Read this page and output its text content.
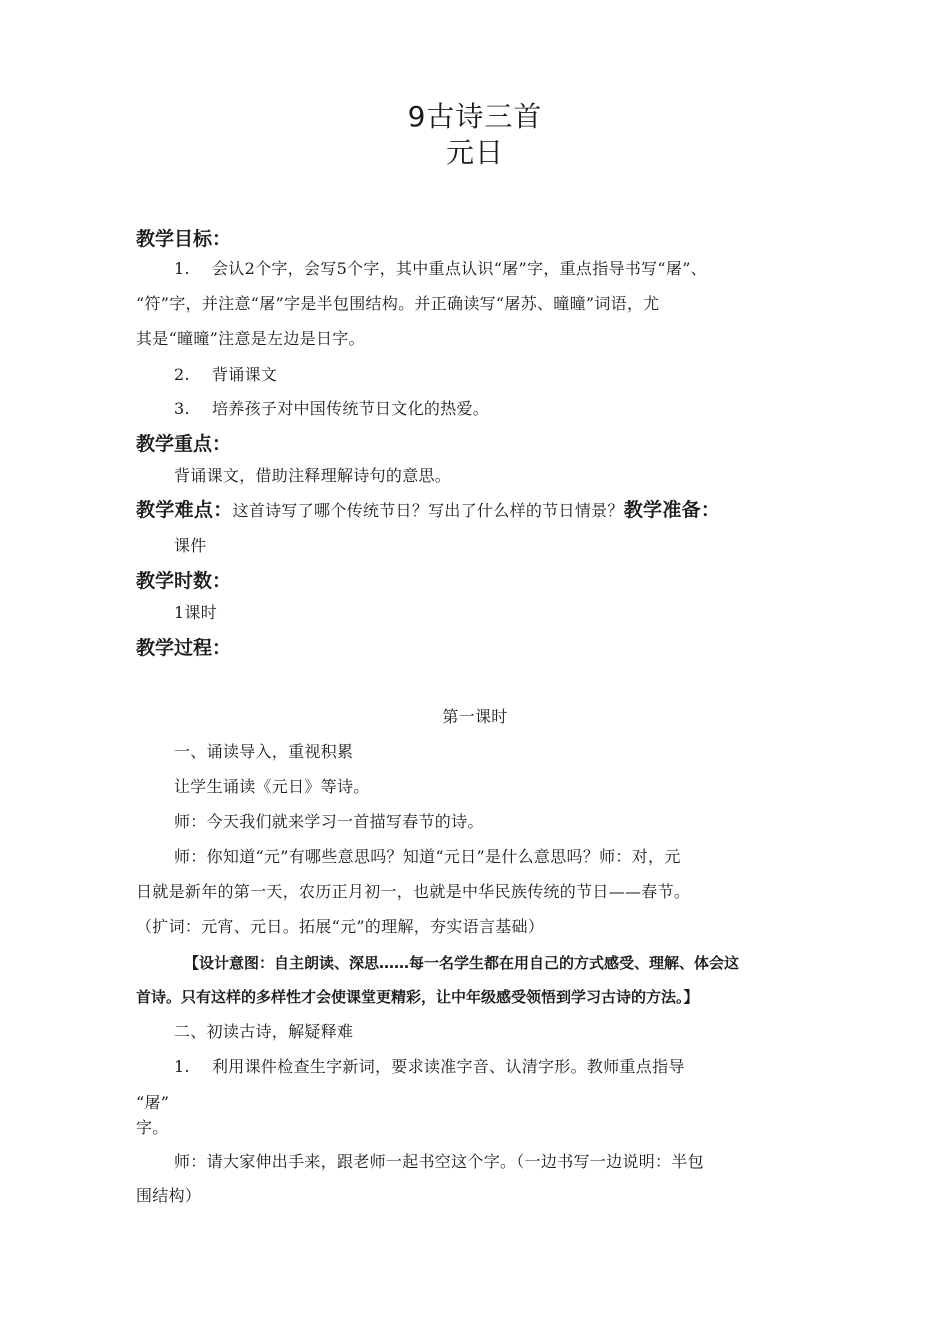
9古诗三首
元日
教学目标：
1. 会认2个字，会写5个字，其中重点认识“屠”字，重点指导书写“屠”、
“符”字，并注意“屠”字是半包围结构。并正确读写“屠苏、曈曈”词语，尤
其是“曈曈”注意是左边是日字。
2. 背诵课文
3. 培养孩子对中国传统节日文化的热爱。
教学重点：
背诵课文，借助注释理解诗句的意思。
教学难点：这首诗写了哪个传统节日？写出了什么样的节日情景？教学准备：
课件
教学时数：
1课时
教学过程：
第一课时
一、诵读导入，重视积累
让学生诵读《元日》等诗。
师：今天我们就来学习一首描写春节的诗。
师：你知道“元”有哪些意思吗？知道“元日”是什么意思吗？师：对，元
日就是新年的第一天，农历正月初一，也就是中华民族传统的节日——春节。
（扩词：元宵、元日。拓展“元”的理解，夯实语言基础）
【设计意图：自主朗读、深思……每一名学生都在用自己的方式感受、理解、体会这
首诗。只有这样的多样性才会使课堂更精彩，让中年级感受领悟到学习古诗的方法。】
二、初读古诗，解疑释难
1. 利用课件检查生字新词，要求读准字音、认清字形。教师重点指导
“屠”
字。
师：请大家伸出手来，跟老师一起书空这个字。（一边书写一边说明：半包
围结构）
